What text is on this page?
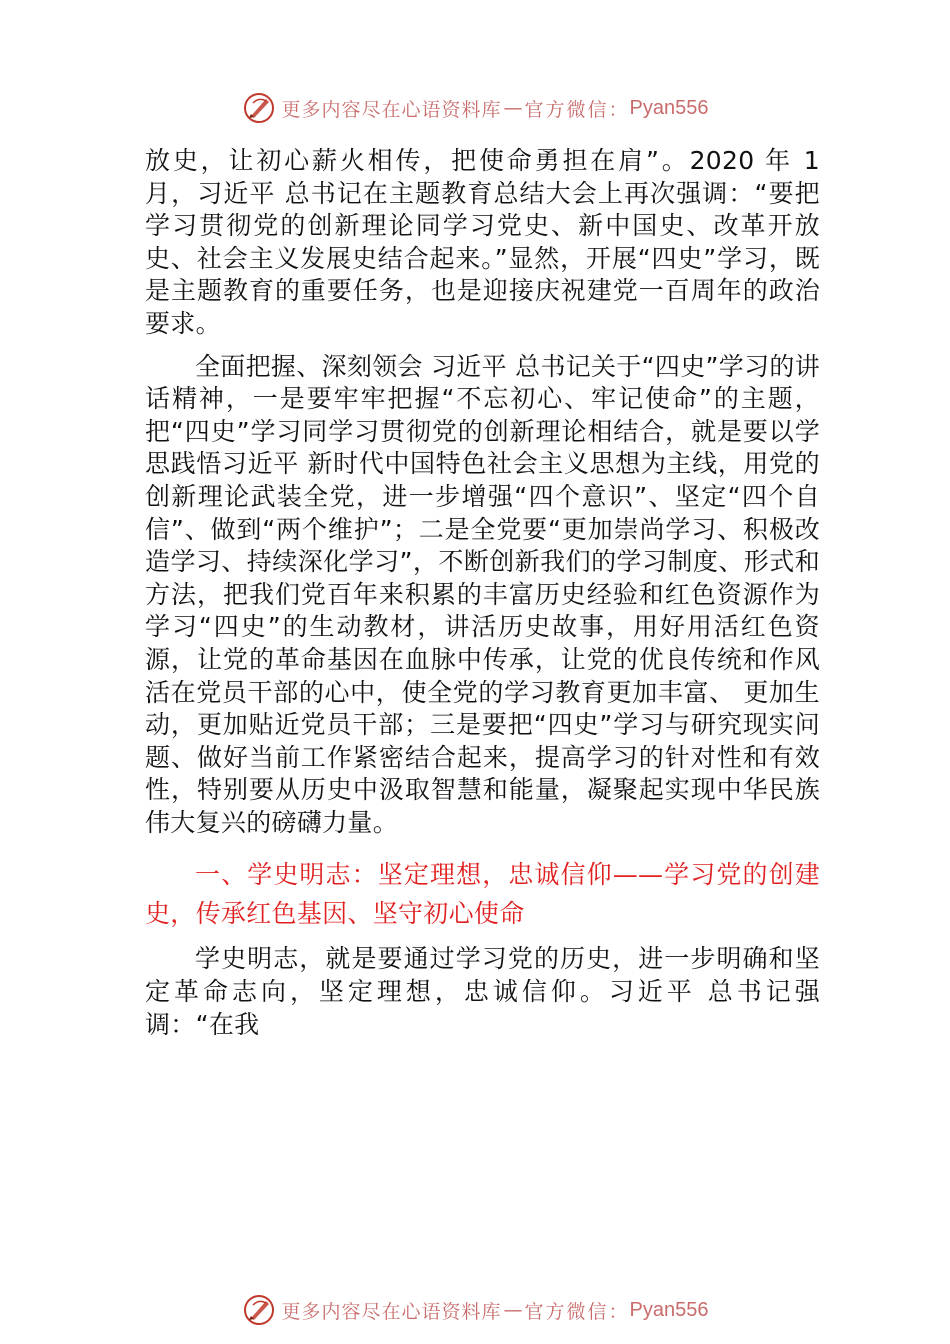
更多内容尽在心语资料库 — 官方微信： Pyan556

放史，让初心薪火相传，把使命勇担在肩”。2020 年 1 月，习近平 总书记在主题教育总结大会上再次强调：“要把学习贯彻党的创新理论同学习党史、新中国史、改革开放史、社会主义发展史结合起来。”显然，开展“四史”学习，既是主题教育的重要任务，也是迎接庆祝建党一百周年的政治要求。

全面把握、深刻领会 习近平 总书记关于“四史”学习的讲话精神，一是要牢牢把握“不忘初心、牢记使命”的主题，把“四史”学习同学习贯彻党的创新理论相结合，就是要以学思践悟习近平 新时代中国特色社会主义思想为主线，用党的创新理论武装全党，进一步增强“四个意识”、坚定“四个自信”、做到“两个维护”；二是全党要“更加崇尚学习、积极改造学习、持续深化学习”，不断创新我们的学习制度、形式和方法，把我们党百年来积累的丰富历史经验和红色资源作为学习“四史”的生动教材，讲活历史故事，用好用活红色资源，让党的革命基因在血脉中传承，让党的优良传统和作风活在党员干部的心中，使全党的学习教育更加丰富、 更加生动，更加贴近党员干部；三是要把“四史”学习与研究现实问题、做好当前工作紧密结合起来，提高学习的针对性和有效性，特别要从历史中汲取智慧和能量，凝聚起实现中华民族伟大复兴的磅礴力量。

一、学史明志：坚定理想，忠诚信仰——学习党的创建史，传承红色基因、坚守初心使命

学史明志，就是要通过学习党的历史，进一步明确和坚定革命志向，坚定理想，忠诚信仰。习近平 总书记强调：“在我

更多内容尽在心语资料库 — 官方微信： Pyan556
